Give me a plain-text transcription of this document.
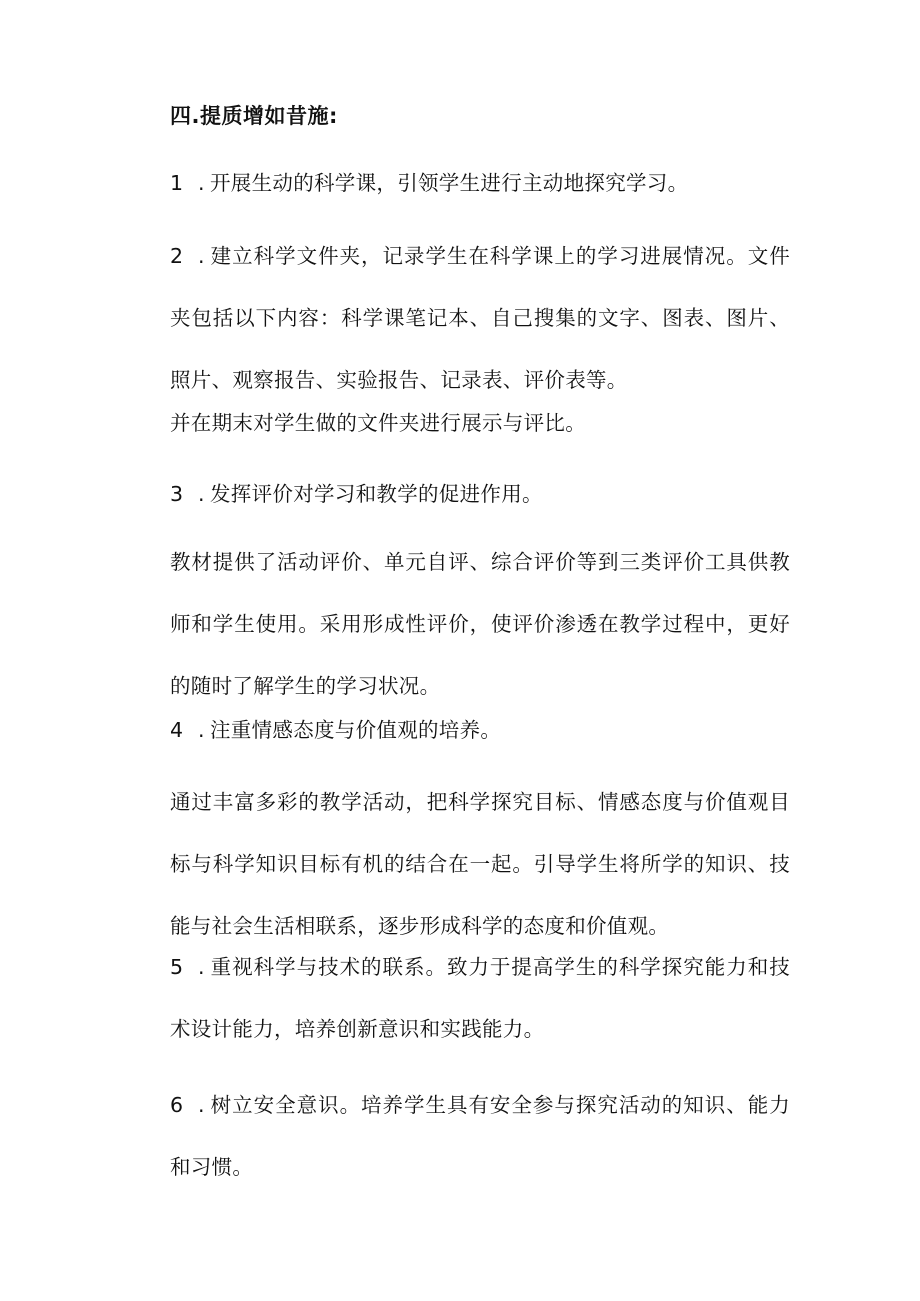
四.提质增如昔施:
1 . 开展生动的科学课，引领学生进行主动地探究学习。
2 . 建立科学文件夹，记录学生在科学课上的学习进展情况。文件夹包括以下内容：科学课笔记本、自己搜集的文字、图表、图片、照片、观察报告、实验报告、记录表、评价表等。
并在期末对学生做的文件夹进行展示与评比。
3 . 发挥评价对学习和教学的促进作用。
教材提供了活动评价、单元自评、综合评价等到三类评价工具供教师和学生使用。采用形成性评价，使评价渗透在教学过程中，更好的随时了解学生的学习状况。
4 . 注重情感态度与价值观的培养。
通过丰富多彩的教学活动，把科学探究目标、情感态度与价值观目标与科学知识目标有机的结合在一起。引导学生将所学的知识、技能与社会生活相联系，逐步形成科学的态度和价值观。
5 . 重视科学与技术的联系。致力于提高学生的科学探究能力和技术设计能力，培养创新意识和实践能力。
6 . 树立安全意识。培养学生具有安全参与探究活动的知识、能力和习惯。
